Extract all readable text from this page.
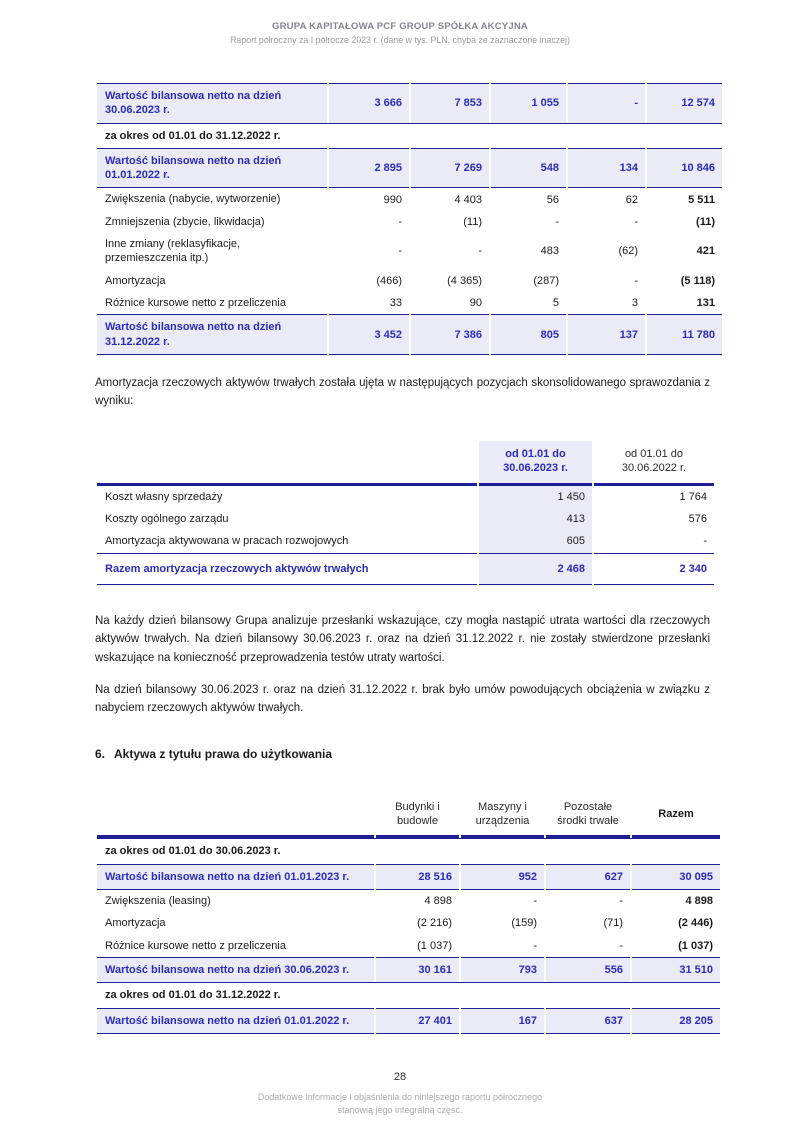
GRUPA KAPITAŁOWA PCF GROUP SPÓŁKA AKCYJNA
Raport półroczny za I półrocze 2023 r. (dane w tys. PLN, chyba że zaznaczone inaczej)
Wartość bilansowa netto na dzień 30.06.2023 r.	3 666	7 853	1 055	-	12 574
za okres od 01.01 do 31.12.2022 r.					
Wartość bilansowa netto na dzień 01.01.2022 r.	2 895	7 269	548	134	10 846
Zwiększenia (nabycie, wytworzenie)	990	4 403	56	62	5 511
Zmniejszenia (zbycie, likwidacja)	-	(11)	-	-	(11)
Inne zmiany (reklasyfikacje, przemieszczenia itp.)	-	-	483	(62)	421
Amortyzacja	(466)	(4 365)	(287)	-	(5 118)
Różnice kursowe netto z przeliczenia	33	90	5	3	131
Wartość bilansowa netto na dzień 31.12.2022 r.	3 452	7 386	805	137	11 780

Amortyzacja rzeczowych aktywów trwałych została ujęta w następujących pozycjach skonsolidowanego sprawozdania z wyniku:

	od 01.01 do 30.06.2023 r.	od 01.01 do 30.06.2022 r.
Koszt własny sprzedaży	1 450	1 764
Koszty ogólnego zarządu	413	576
Amortyzacja aktywowana w pracach rozwojowych	605	-
Razem amortyzacja rzeczowych aktywów trwałych	2 468	2 340

Na każdy dzień bilansowy Grupa analizuje przesłanki wskazujące, czy mogła nastąpić utrata wartości dla rzeczowych aktywów trwałych. Na dzień bilansowy 30.06.2023 r. oraz na dzień 31.12.2022 r. nie zostały stwierdzone przesłanki wskazujące na konieczność przeprowadzenia testów utraty wartości.

Na dzień bilansowy 30.06.2023 r. oraz na dzień 31.12.2022 r. brak było umów powodujących obciążenia w związku z nabyciem rzeczowych aktywów trwałych.

6. Aktywa z tytułu prawa do użytkowania
	Budynki i budowle	Maszyny i urządzenia	Pozostałe środki trwałe	Razem
za okres od 01.01 do 30.06.2023 r.				
Wartość bilansowa netto na dzień 01.01.2023 r.	28 516	952	627	30 095
Zwiększenia (leasing)	4 898	-	-	4 898
Amortyzacja	(2 216)	(159)	(71)	(2 446)
Różnice kursowe netto z przeliczenia	(1 037)	-	-	(1 037)
Wartość bilansowa netto na dzień 30.06.2023 r.	30 161	793	556	31 510
za okres od 01.01 do 31.12.2022 r.				
Wartość bilansowa netto na dzień 01.01.2022 r.	27 401	167	637	28 205
28
Dodatkowe informacje i objaśnienia do niniejszego raportu półrocznego stanowią jego integralną część.
